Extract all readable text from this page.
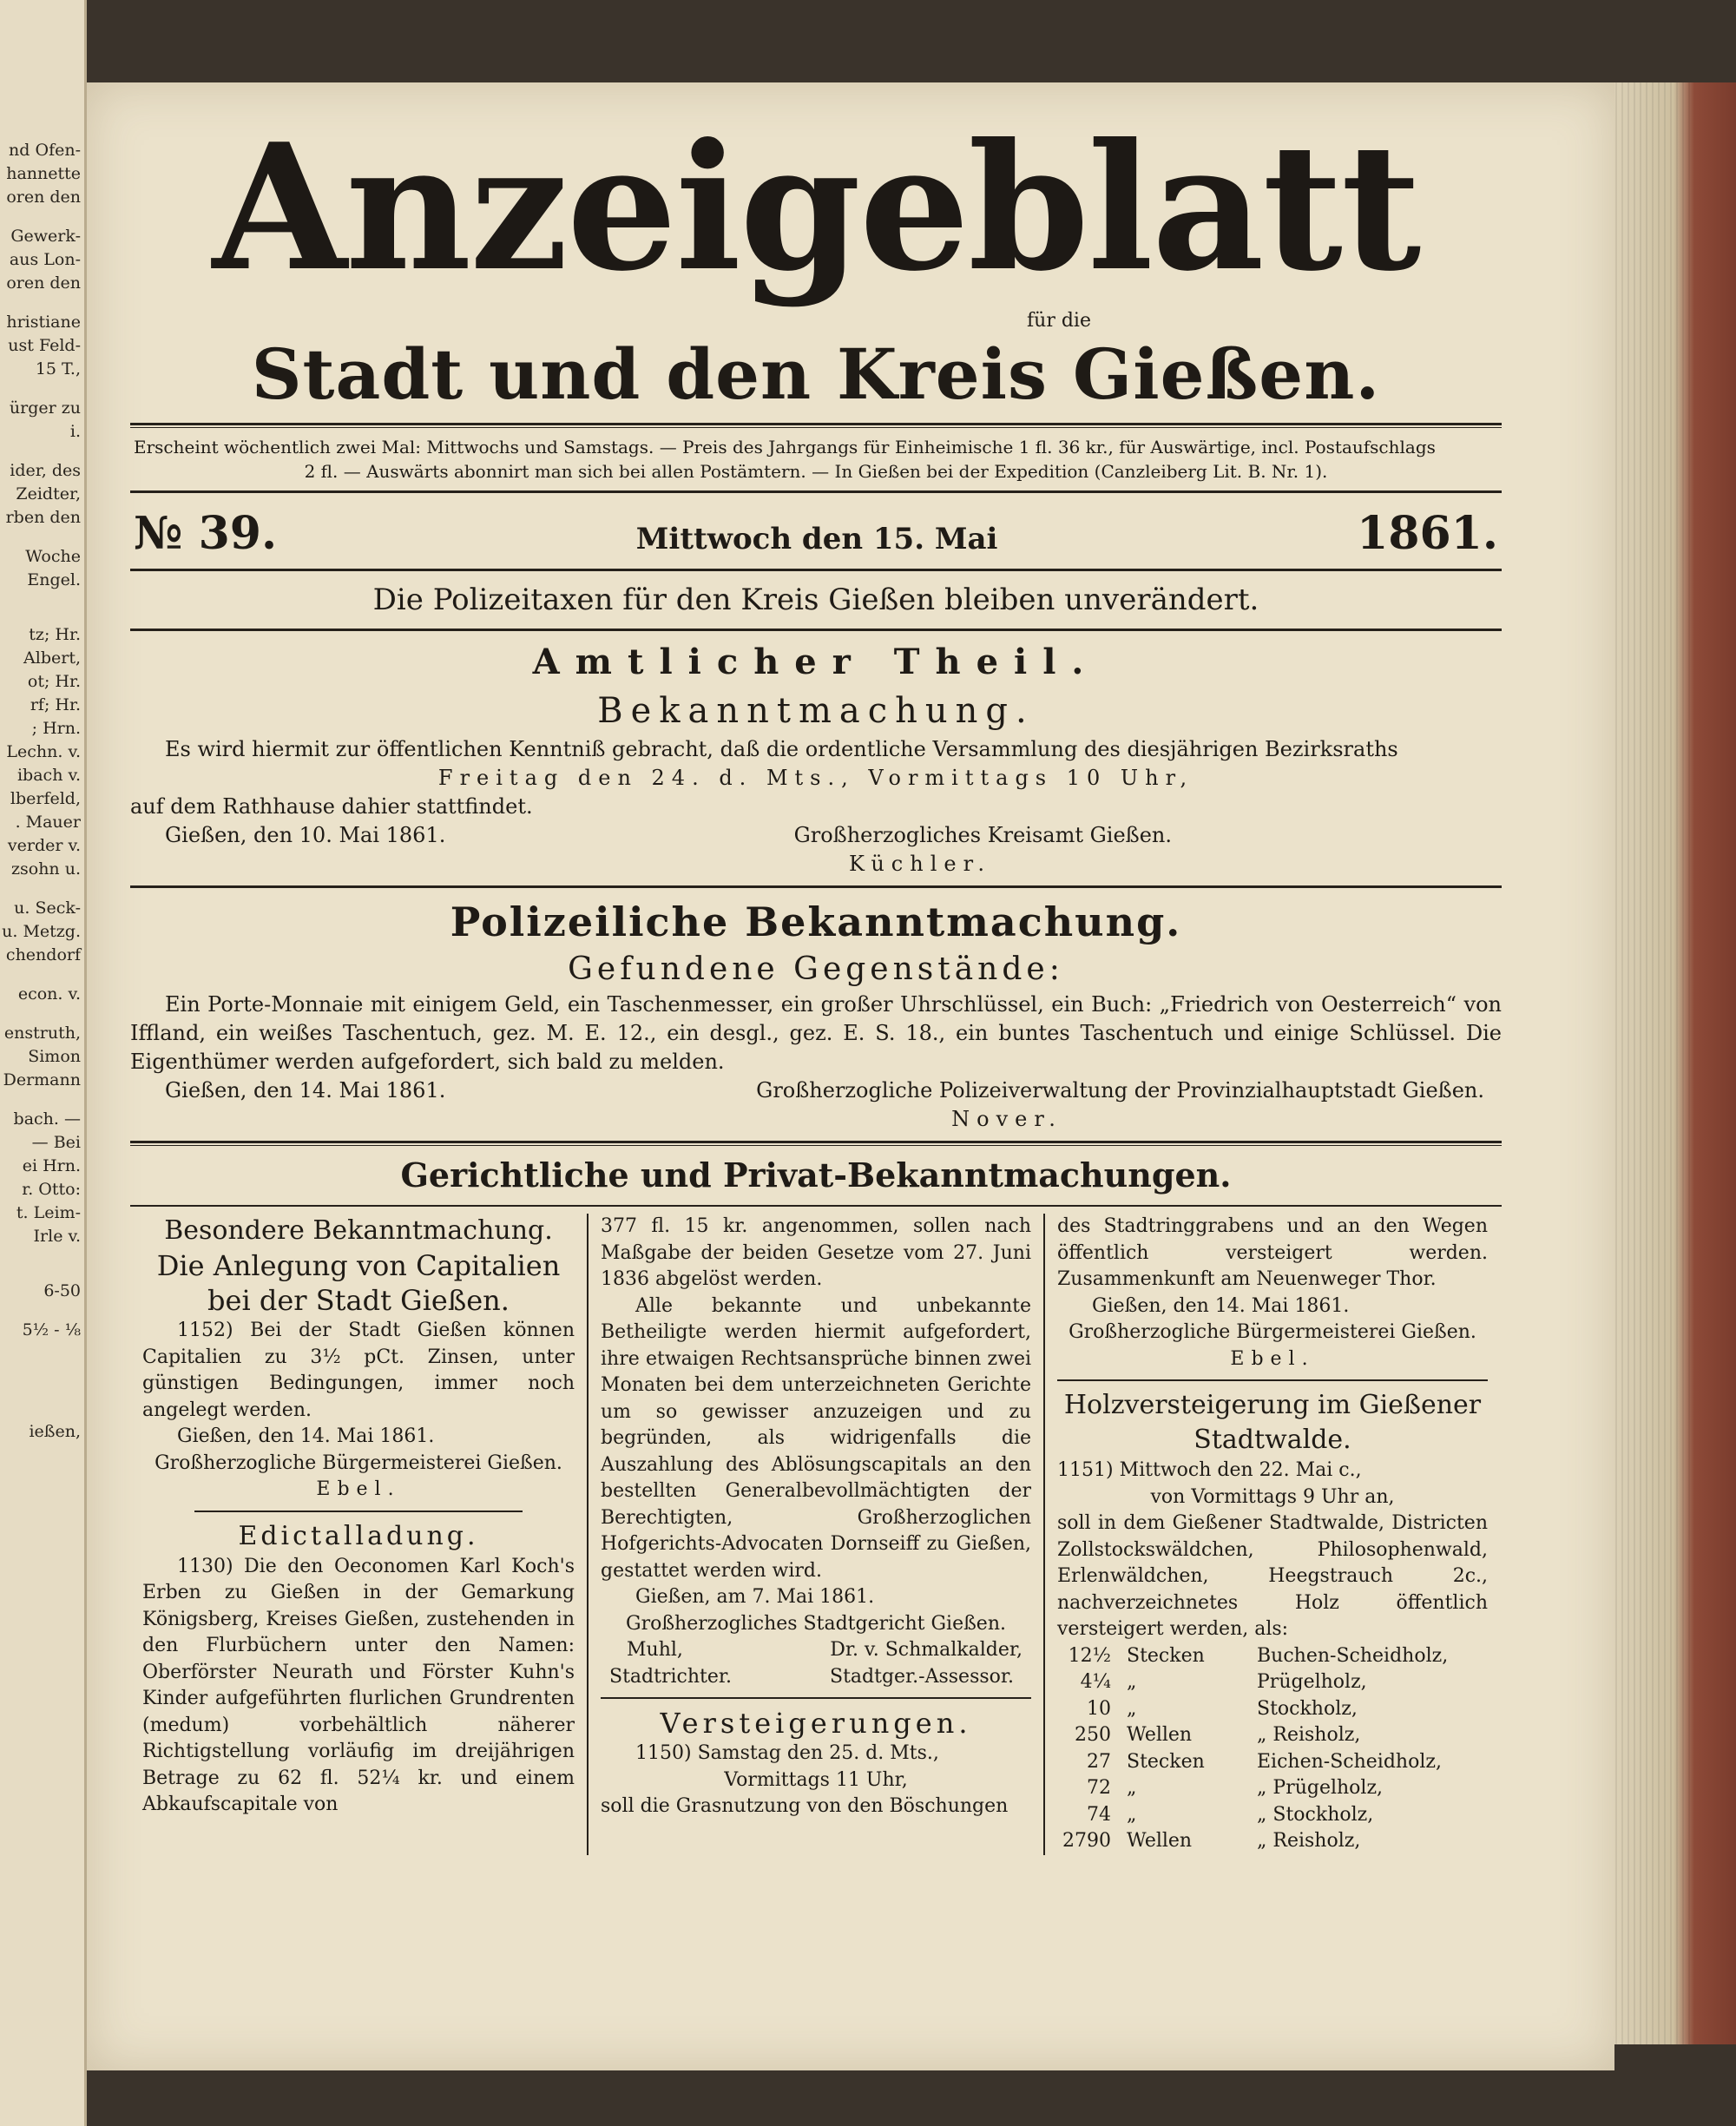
nd Ofen-
hannette
oren den
Gewerk-
aus Lon-
oren den
hristiane
ust Feld-
15 T.,
ürger zu
i.
ider, des
Zeidter,
rben den
Woche
Engel.
tz; Hr.
Albert,
ot; Hr.
rf; Hr.
; Hrn.
Lechn. v.
ibach v.
lberfeld,
. Mauer
verder v.
zsohn u.
u. Seck-
u. Metzg.
chendorf
econ. v.
enstruth,
Simon
Dermann
bach. —
— Bei
ei Hrn.
r. Otto:
t. Leim-
Irle v.
6-50
5½ - ⅛
ießen,
Anzeigeblatt
für die
Stadt und den Kreis Gießen.
Erscheint wöchentlich zwei Mal: Mittwochs und Samstags. — Preis des Jahrgangs für Einheimische 1 fl. 36 kr., für Auswärtige, incl. Postaufschlags
2 fl. — Auswärts abonnirt man sich bei allen Postämtern. — In Gießen bei der Expedition (Canzleiberg Lit. B. Nr. 1).
№ 39.	Mittwoch den 15. Mai	1861.
Die Polizeitaxen für den Kreis Gießen bleiben unverändert.
Amtlicher Theil.
Bekanntmachung.
Es wird hiermit zur öffentlichen Kenntniß gebracht, daß die ordentliche Versammlung des diesjährigen Bezirksraths
Freitag den 24. d. Mts., Vormittags 10 Uhr,
auf dem Rathhause dahier stattfindet.
Gießen, den 10. Mai 1861.	Großherzogliches Kreisamt Gießen.
Küchler.
Polizeiliche Bekanntmachung.
Gefundene Gegenstände:
Ein Porte-Monnaie mit einigem Geld, ein Taschenmesser, ein großer Uhrschlüssel, ein Buch: „Friedrich von Oesterreich“ von Iffland, ein weißes Taschentuch, gez. M. E. 12., ein desgl., gez. E. S. 18., ein buntes Taschentuch und einige Schlüssel. Die Eigenthümer werden aufgefordert, sich bald zu melden.
Gießen, den 14. Mai 1861.	Großherzogliche Polizeiverwaltung der Provinzialhauptstadt Gießen.
Nover.
Gerichtliche und Privat-Bekanntmachungen.
Besondere Bekanntmachung.
Die Anlegung von Capitalien bei der Stadt Gießen.
1152) Bei der Stadt Gießen können Capitalien zu 3½ pCt. Zinsen, unter günstigen Bedingungen, immer noch angelegt werden.
Gießen, den 14. Mai 1861.
Großherzogliche Bürgermeisterei Gießen.
Ebel.
Edictalladung.
1130) Die den Oeconomen Karl Koch's Erben zu Gießen in der Gemarkung Königsberg, Kreises Gießen, zustehenden in den Flurbüchern unter den Namen: Oberförster Neurath und Förster Kuhn's Kinder aufgeführten flurlichen Grundrenten (medum) vorbehältlich näherer Richtigstellung vorläufig im dreijährigen Betrage zu 62 fl. 52¼ kr. und einem Abkaufscapitale von
377 fl. 15 kr. angenommen, sollen nach Maßgabe der beiden Gesetze vom 27. Juni 1836 abgelöst werden.
Alle bekannte und unbekannte Betheiligte werden hiermit aufgefordert, ihre etwaigen Rechtsansprüche binnen zwei Monaten bei dem unterzeichneten Gerichte um so gewisser anzuzeigen und zu begründen, als widrigenfalls die Auszahlung des Ablösungscapitals an den bestellten Generalbevollmächtigten der Berechtigten, Großherzoglichen Hofgerichts-Advocaten Dornseiff zu Gießen, gestattet werden wird.
Gießen, am 7. Mai 1861.
Großherzogliches Stadtgericht Gießen.
Muhl,	Dr. v. Schmalkalder,
Stadtrichter.	Stadtger.-Assessor.
Versteigerungen.
1150) Samstag den 25. d. Mts.,
Vormittags 11 Uhr,
soll die Grasnutzung von den Böschungen
des Stadtringgrabens und an den Wegen öffentlich versteigert werden. Zusammenkunft am Neuenweger Thor.
Gießen, den 14. Mai 1861.
Großherzogliche Bürgermeisterei Gießen.
Ebel.
Holzversteigerung im Gießener Stadtwalde.
1151) Mittwoch den 22. Mai c.,
von Vormittags 9 Uhr an,
soll in dem Gießener Stadtwalde, Districten Zollstockswäldchen, Philosophenwald, Erlenwäldchen, Heegstrauch 2c., nachverzeichnetes Holz öffentlich versteigert werden, als:
12½	Stecken	Buchen-Scheidholz,
4¼	„	Prügelholz,
10	„	Stockholz,
250	Wellen	„ Reisholz,
27	Stecken	Eichen-Scheidholz,
72	„	„ Prügelholz,
74	„	„ Stockholz,
2790	Wellen	„ Reisholz,
